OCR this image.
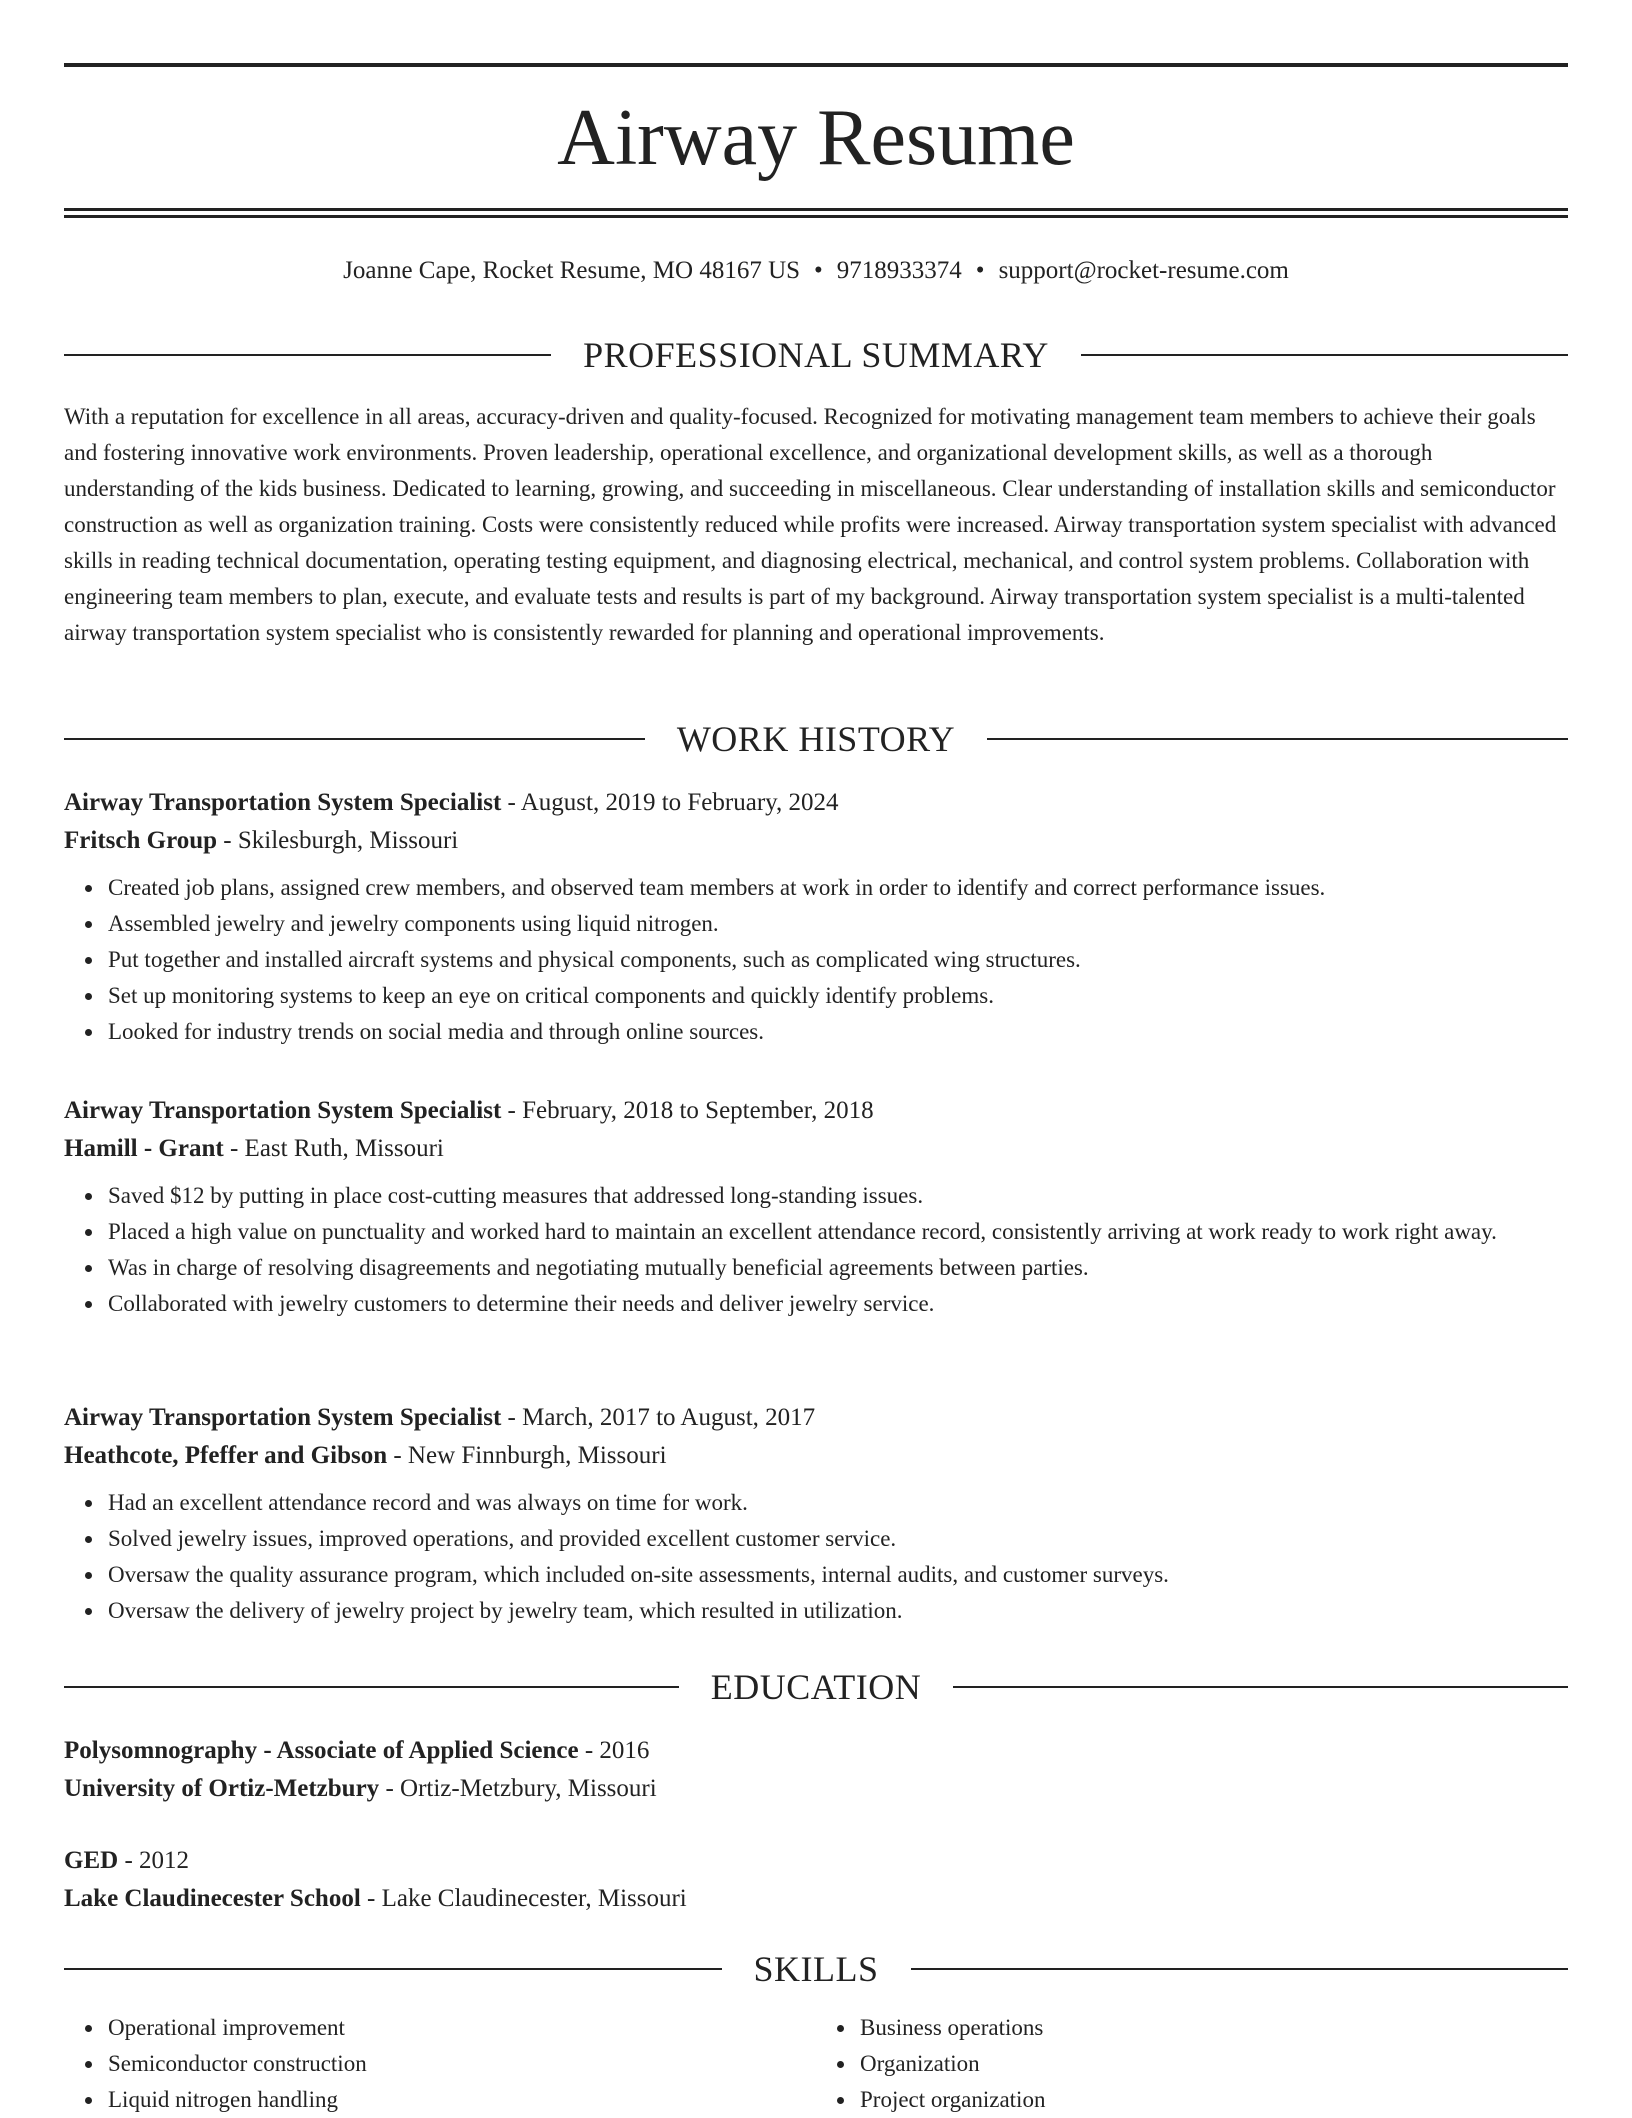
Airway Resume
Joanne Cape, Rocket Resume, MO 48167 US • 9718933374 • support@rocket-resume.com
PROFESSIONAL SUMMARY

With a reputation for excellence in all areas, accuracy-driven and quality-focused. Recognized for motivating management team members to achieve their goals and fostering innovative work environments. Proven leadership, operational excellence, and organizational development skills, as well as a thorough understanding of the kids business. Dedicated to learning, growing, and succeeding in miscellaneous. Clear understanding of installation skills and semiconductor construction as well as organization training. Costs were consistently reduced while profits were increased. Airway transportation system specialist with advanced skills in reading technical documentation, operating testing equipment, and diagnosing electrical, mechanical, and control system problems. Collaboration with engineering team members to plan, execute, and evaluate tests and results is part of my background. Airway transportation system specialist is a multi-talented airway transportation system specialist who is consistently rewarded for planning and operational improvements.

WORK HISTORY

Airway Transportation System Specialist - August, 2019 to February, 2024

Fritsch Group - Skilesburgh, Missouri

Created job plans, assigned crew members, and observed team members at work in order to identify and correct performance issues.
Assembled jewelry and jewelry components using liquid nitrogen.
Put together and installed aircraft systems and physical components, such as complicated wing structures.
Set up monitoring systems to keep an eye on critical components and quickly identify problems.
Looked for industry trends on social media and through online sources.

Airway Transportation System Specialist - February, 2018 to September, 2018

Hamill - Grant - East Ruth, Missouri

Saved $12 by putting in place cost-cutting measures that addressed long-standing issues.
Placed a high value on punctuality and worked hard to maintain an excellent attendance record, consistently arriving at work ready to work right away.
Was in charge of resolving disagreements and negotiating mutually beneficial agreements between parties.
Collaborated with jewelry customers to determine their needs and deliver jewelry service.

Airway Transportation System Specialist - March, 2017 to August, 2017

Heathcote, Pfeffer and Gibson - New Finnburgh, Missouri

Had an excellent attendance record and was always on time for work.
Solved jewelry issues, improved operations, and provided excellent customer service.
Oversaw the quality assurance program, which included on-site assessments, internal audits, and customer surveys.
Oversaw the delivery of jewelry project by jewelry team, which resulted in utilization.
EDUCATION

Polysomnography - Associate of Applied Science - 2016

University of Ortiz-Metzbury - Ortiz-Metzbury, Missouri

GED - 2012

Lake Claudinecester School - Lake Claudinecester, Missouri

SKILLS
Operational improvement
Semiconductor construction
Liquid nitrogen handling
Business operations
Organization
Project organization
